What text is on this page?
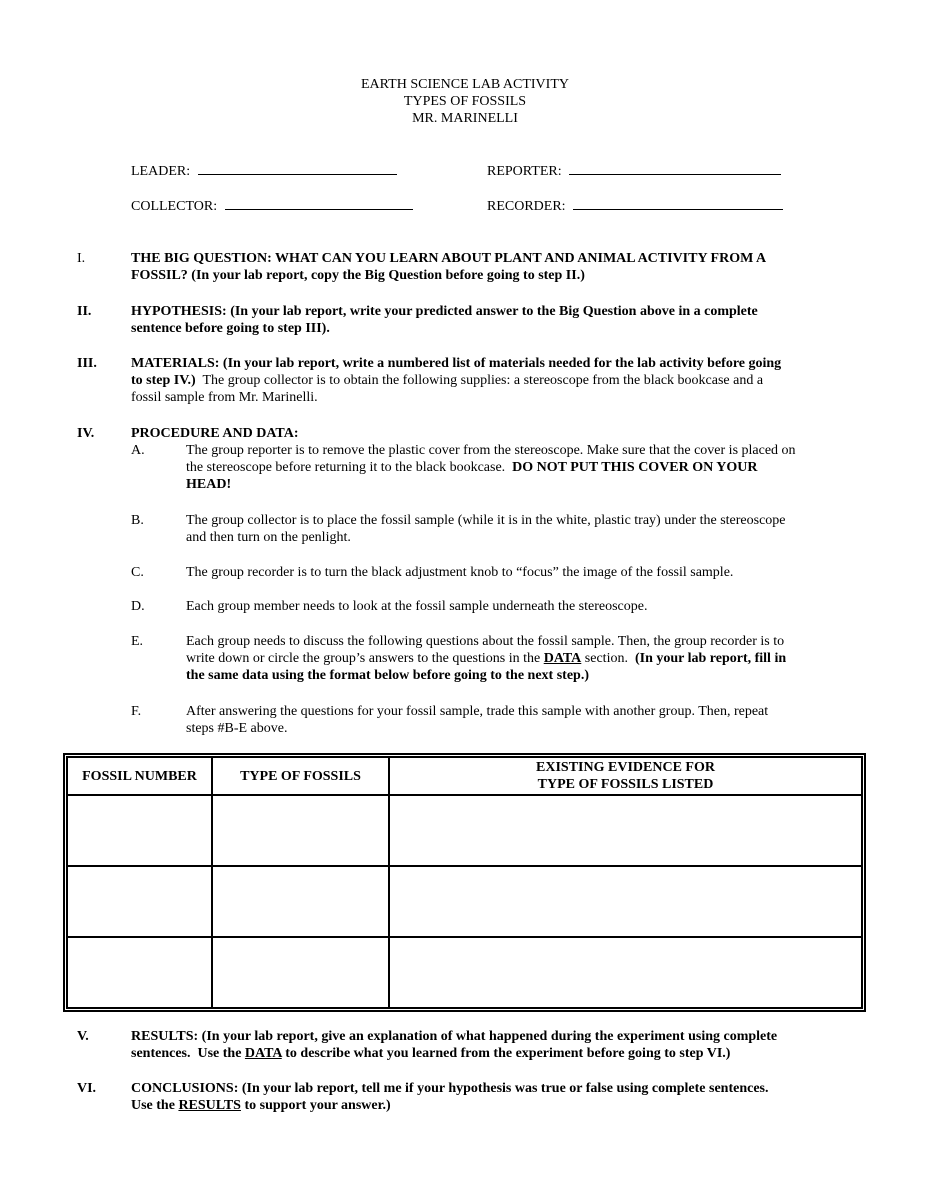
EARTH SCIENCE LAB ACTIVITY
TYPES OF FOSSILS
MR. MARINELLI
LEADER:	REPORTER:
COLLECTOR:	RECORDER:
I.	THE BIG QUESTION: WHAT CAN YOU LEARN ABOUT PLANT AND ANIMAL ACTIVITY FROM A
FOSSIL? (In your lab report, copy the Big Question before going to step II.)
II.	HYPOTHESIS: (In your lab report, write your predicted answer to the Big Question above in a complete
sentence before going to step III).
III. MATERIALS: (In your lab report, write a numbered list of materials needed for the lab activity before going
to step IV.)  The group collector is to obtain the following supplies: a stereoscope from the black bookcase and a
fossil sample from Mr. Marinelli.
IV.	PROCEDURE AND DATA:
A.	The group reporter is to remove the plastic cover from the stereoscope. Make sure that the cover is placed on
the stereoscope before returning it to the black bookcase.  DO NOT PUT THIS COVER ON YOUR
HEAD!
B.	The group collector is to place the fossil sample (while it is in the white, plastic tray) under the stereoscope
and then turn on the penlight.
C.	The group recorder is to turn the black adjustment knob to “focus” the image of the fossil sample.
D.	Each group member needs to look at the fossil sample underneath the stereoscope.
E.	Each group needs to discuss the following questions about the fossil sample. Then, the group recorder is to
write down or circle the group’s answers to the questions in the DATA section.  (In your lab report, fill in
the same data using the format below before going to the next step.)
F.	After answering the questions for your fossil sample, trade this sample with another group. Then, repeat
steps #B-E above.
FOSSIL NUMBER	TYPE OF FOSSILS	EXISTING EVIDENCE FOR
TYPE OF FOSSILS LISTED

V.	RESULTS: (In your lab report, give an explanation of what happened during the experiment using complete
sentences.  Use the DATA to describe what you learned from the experiment before going to step VI.)
VI. CONCLUSIONS: (In your lab report, tell me if your hypothesis was true or false using complete sentences.
Use the RESULTS to support your answer.)
